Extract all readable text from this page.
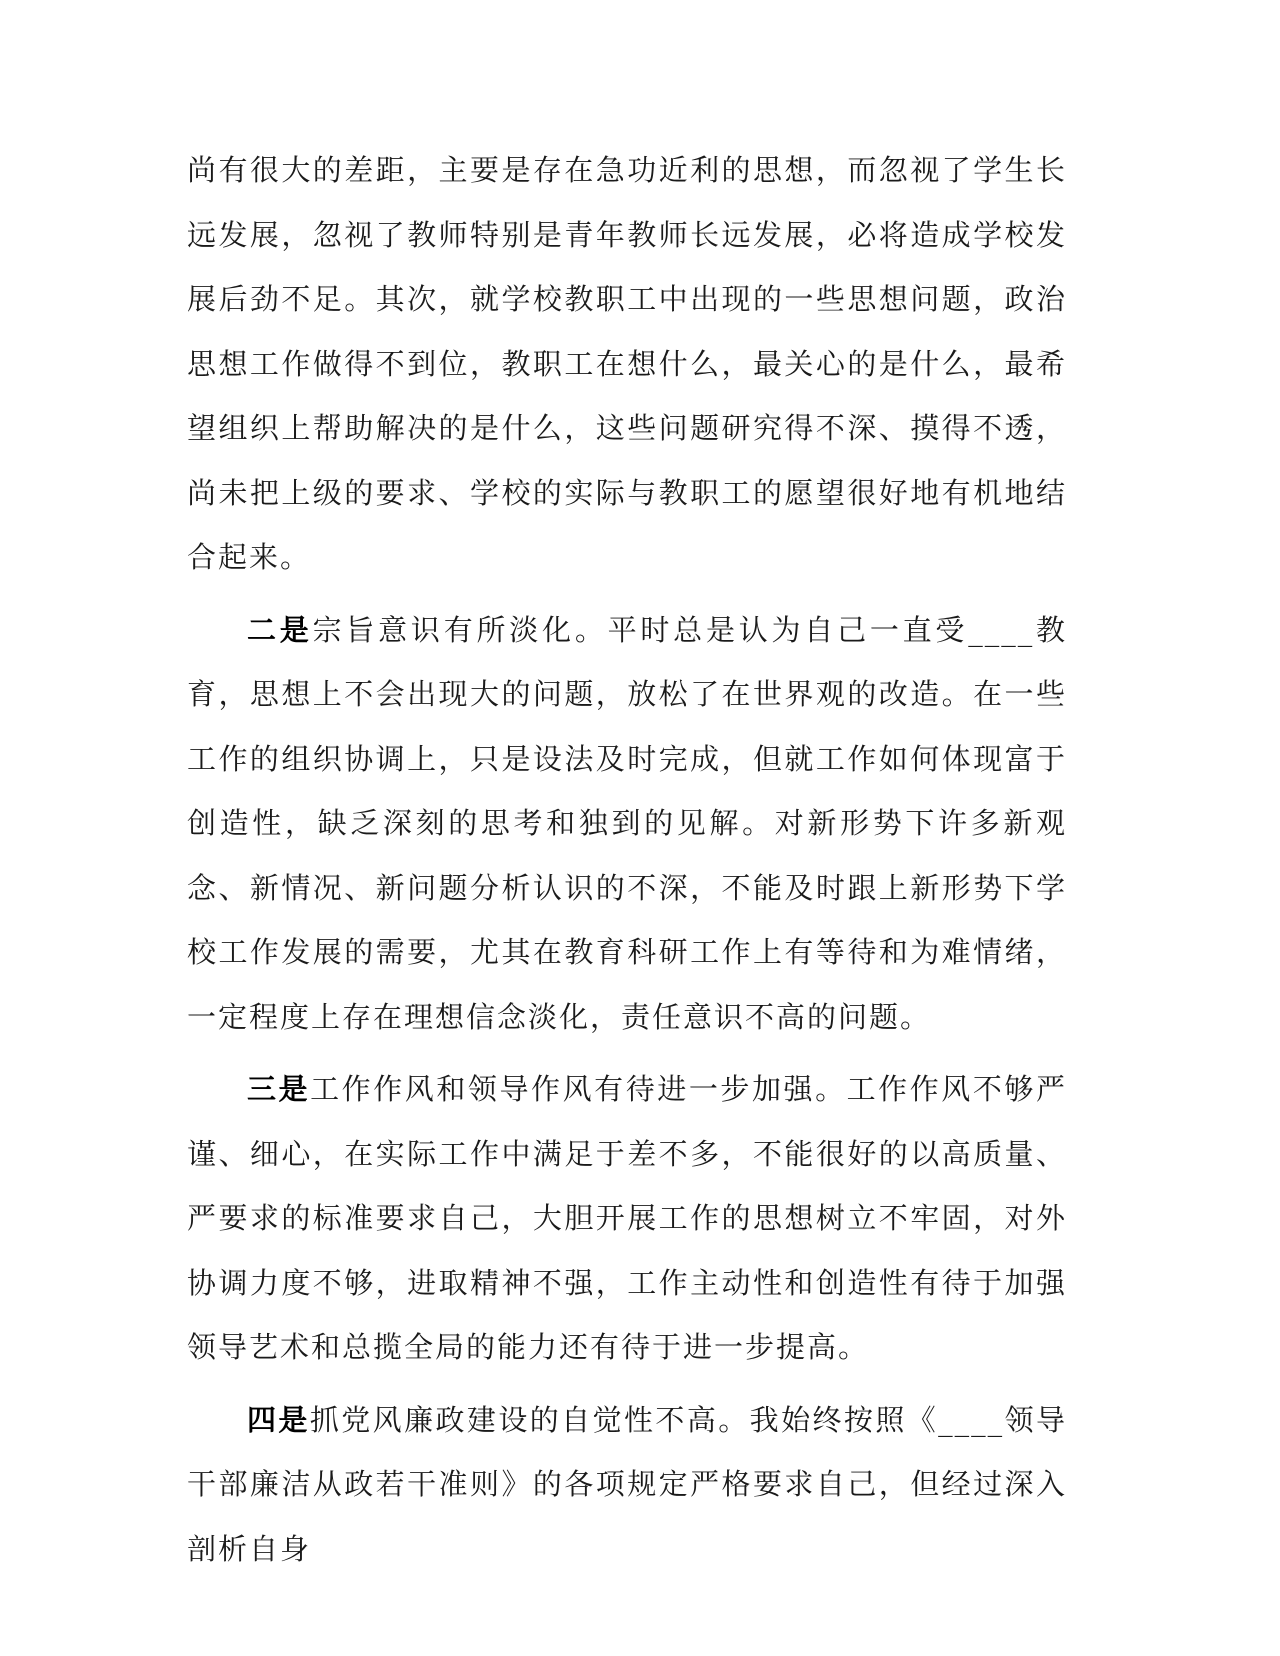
尚有很大的差距，主要是存在急功近利的思想，而忽视了学生长远发展，忽视了教师特别是青年教师长远发展，必将造成学校发展后劲不足。其次，就学校教职工中出现的一些思想问题，政治思想工作做得不到位，教职工在想什么，最关心的是什么，最希望组织上帮助解决的是什么，这些问题研究得不深、摸得不透，尚未把上级的要求、学校的实际与教职工的愿望很好地有机地结合起来。

二是宗旨意识有所淡化。平时总是认为自己一直受____教育，思想上不会出现大的问题，放松了在世界观的改造。在一些工作的组织协调上，只是设法及时完成，但就工作如何体现富于创造性，缺乏深刻的思考和独到的见解。对新形势下许多新观念、新情况、新问题分析认识的不深，不能及时跟上新形势下学校工作发展的需要，尤其在教育科研工作上有等待和为难情绪，一定程度上存在理想信念淡化，责任意识不高的问题。

三是工作作风和领导作风有待进一步加强。工作作风不够严谨、细心，在实际工作中满足于差不多，不能很好的以高质量、严要求的标准要求自己，大胆开展工作的思想树立不牢固，对外协调力度不够，进取精神不强，工作主动性和创造性有待于加强领导艺术和总揽全局的能力还有待于进一步提高。

四是抓党风廉政建设的自觉性不高。我始终按照《____领导干部廉洁从政若干准则》的各项规定严格要求自己，但经过深入剖析自身
